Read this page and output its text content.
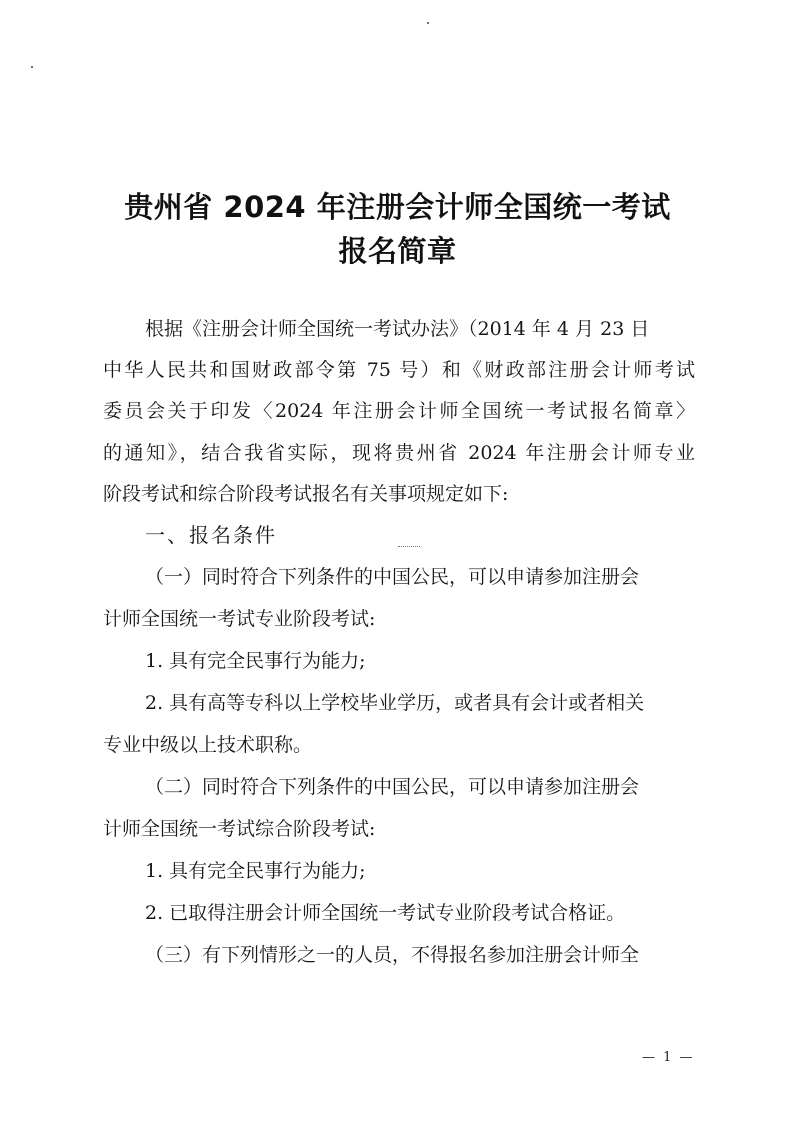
贵州省 2024 年注册会计师全国统一考试
报名简章
根据《注册会计师全国统一考试办法》（2014 年 4 月 23 日
中华人民共和国财政部令第 75 号）和《财政部注册会计师考试
委员会关于印发〈2024 年注册会计师全国统一考试报名简章〉
的通知》，结合我省实际，现将贵州省 2024 年注册会计师专业
阶段考试和综合阶段考试报名有关事项规定如下:
一、报名条件
（一）同时符合下列条件的中国公民，可以申请参加注册会
计师全国统一考试专业阶段考试:
1. 具有完全民事行为能力;
2. 具有高等专科以上学校毕业学历，或者具有会计或者相关
专业中级以上技术职称。
（二）同时符合下列条件的中国公民，可以申请参加注册会
计师全国统一考试综合阶段考试:
1. 具有完全民事行为能力;
2. 已取得注册会计师全国统一考试专业阶段考试合格证。
（三）有下列情形之一的人员，不得报名参加注册会计师全
— 1 —
